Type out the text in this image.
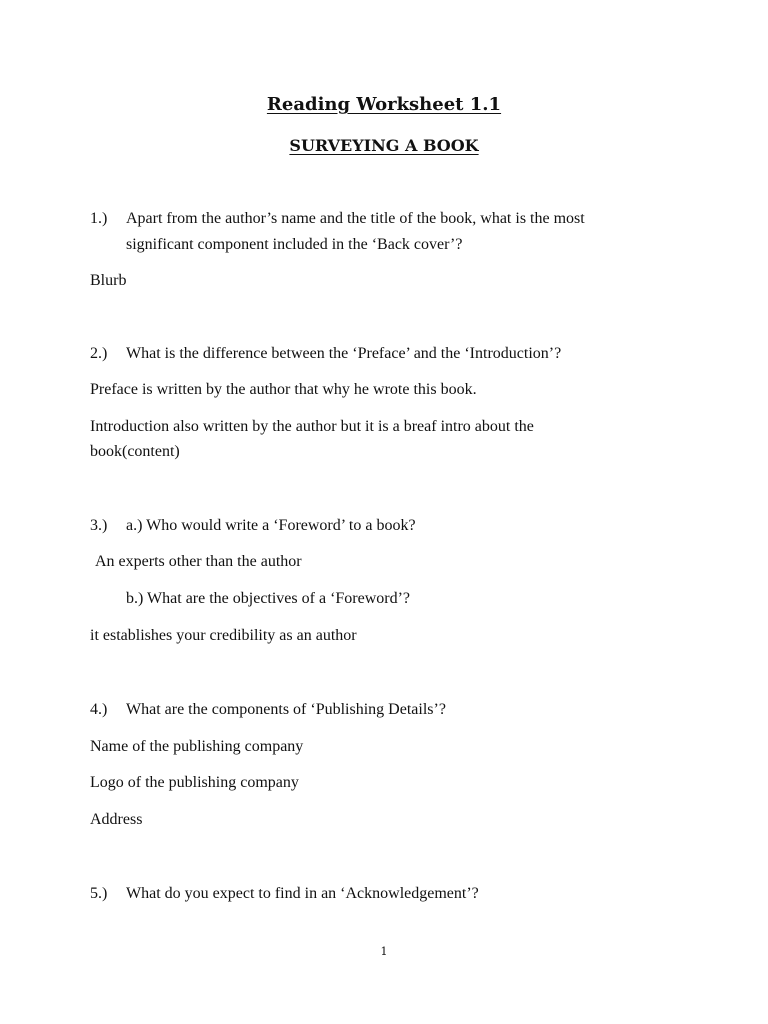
Reading Worksheet 1.1
SURVEYING A BOOK
1.) Apart from the author’s name and the title of the book, what is the most
significant component included in the ‘Back cover’?
Blurb
2.) What is the difference between the ‘Preface’ and the ‘Introduction’?
Preface is written by the author that why he wrote this book.
Introduction also written by the author but it is a breaf intro about the
book(content)
3.) a.) Who would write a ‘Foreword’ to a book?
An experts other than the author
b.) What are the objectives of a ‘Foreword’?
it establishes your credibility as an author
4.) What are the components of ‘Publishing Details’?
Name of the publishing company
Logo of the publishing company
Address
5.) What do you expect to find in an ‘Acknowledgement’?
1
